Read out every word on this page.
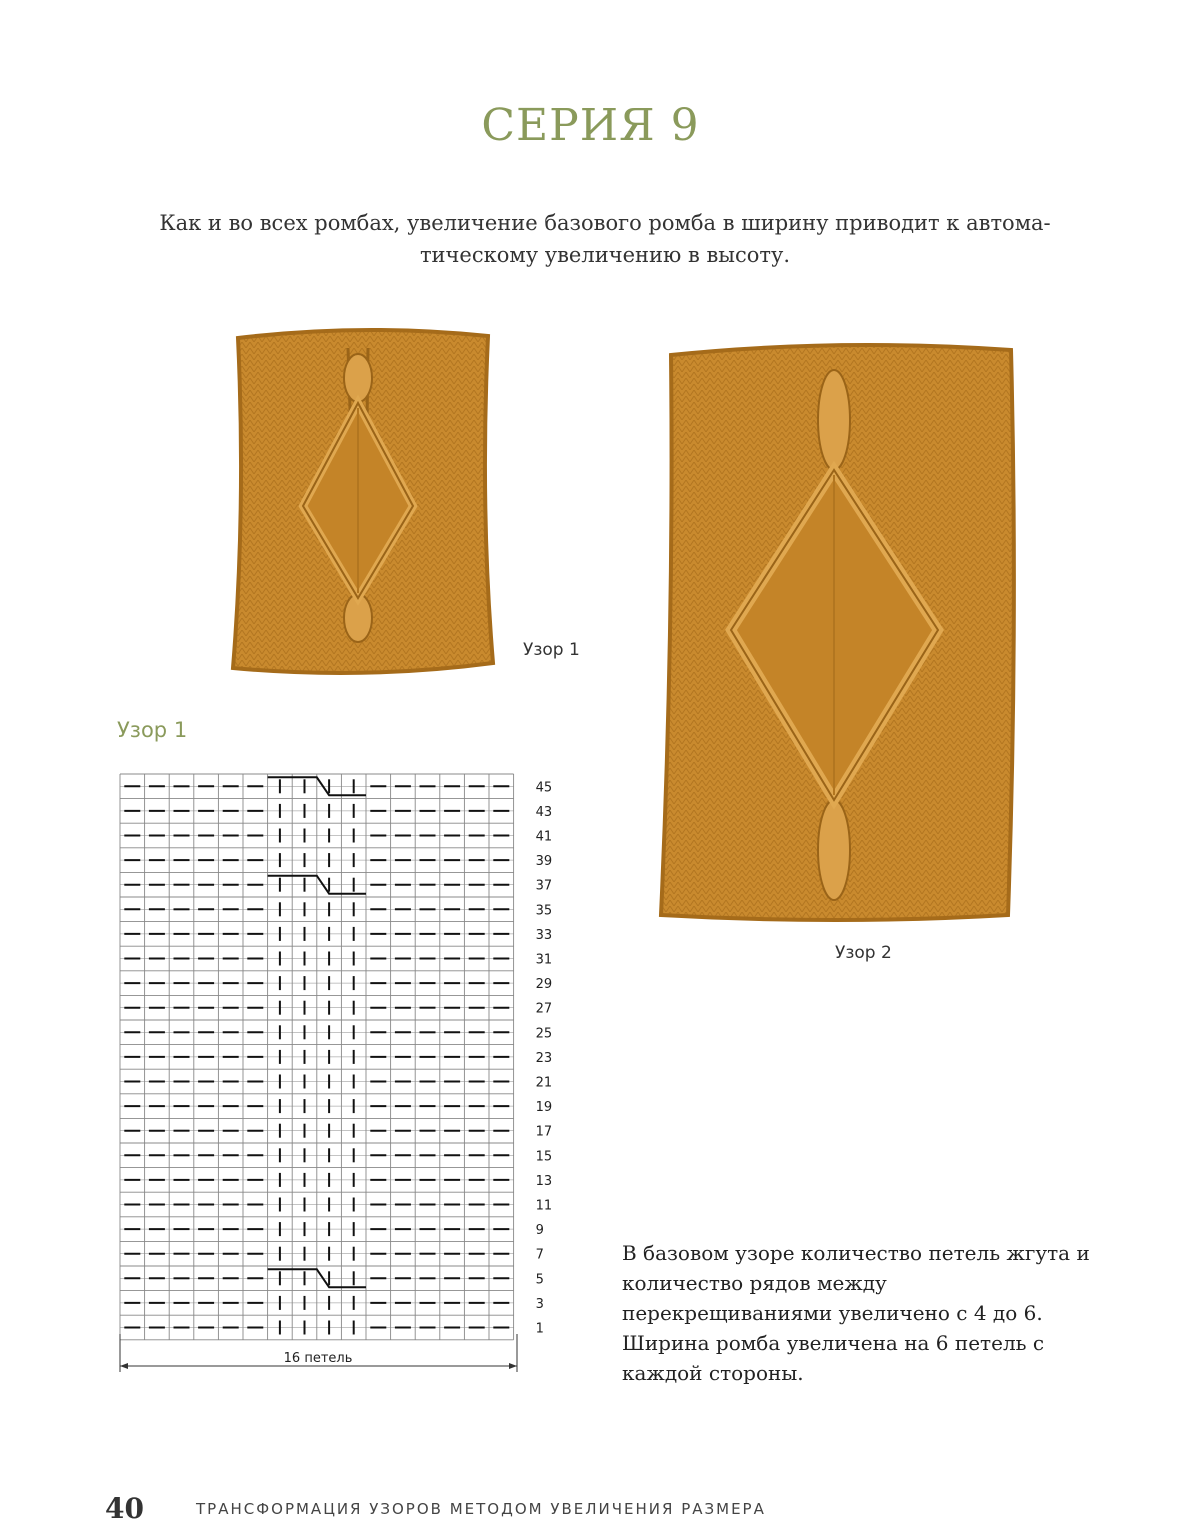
СЕРИЯ 9
Как и во всех ромбах, увеличение базового ромба в ширину приводит к автома-
тическому увеличению в высоту.
Узор 1
Узор 2
Узор 1
45
43
41
39
37
35
33
31
29
27
25
23
21
19
17
15
13
11
9
7
5
3
1
16 петель
В базовом узоре количество петель жгута и количество рядов между перекрещиваниями увеличено с 4 до 6. Ширина ромба увеличена на 6 петель с каждой стороны.
40	ТРАНСФОРМАЦИЯ УЗОРОВ МЕТОДОМ УВЕЛИЧЕНИЯ РАЗМЕРА
